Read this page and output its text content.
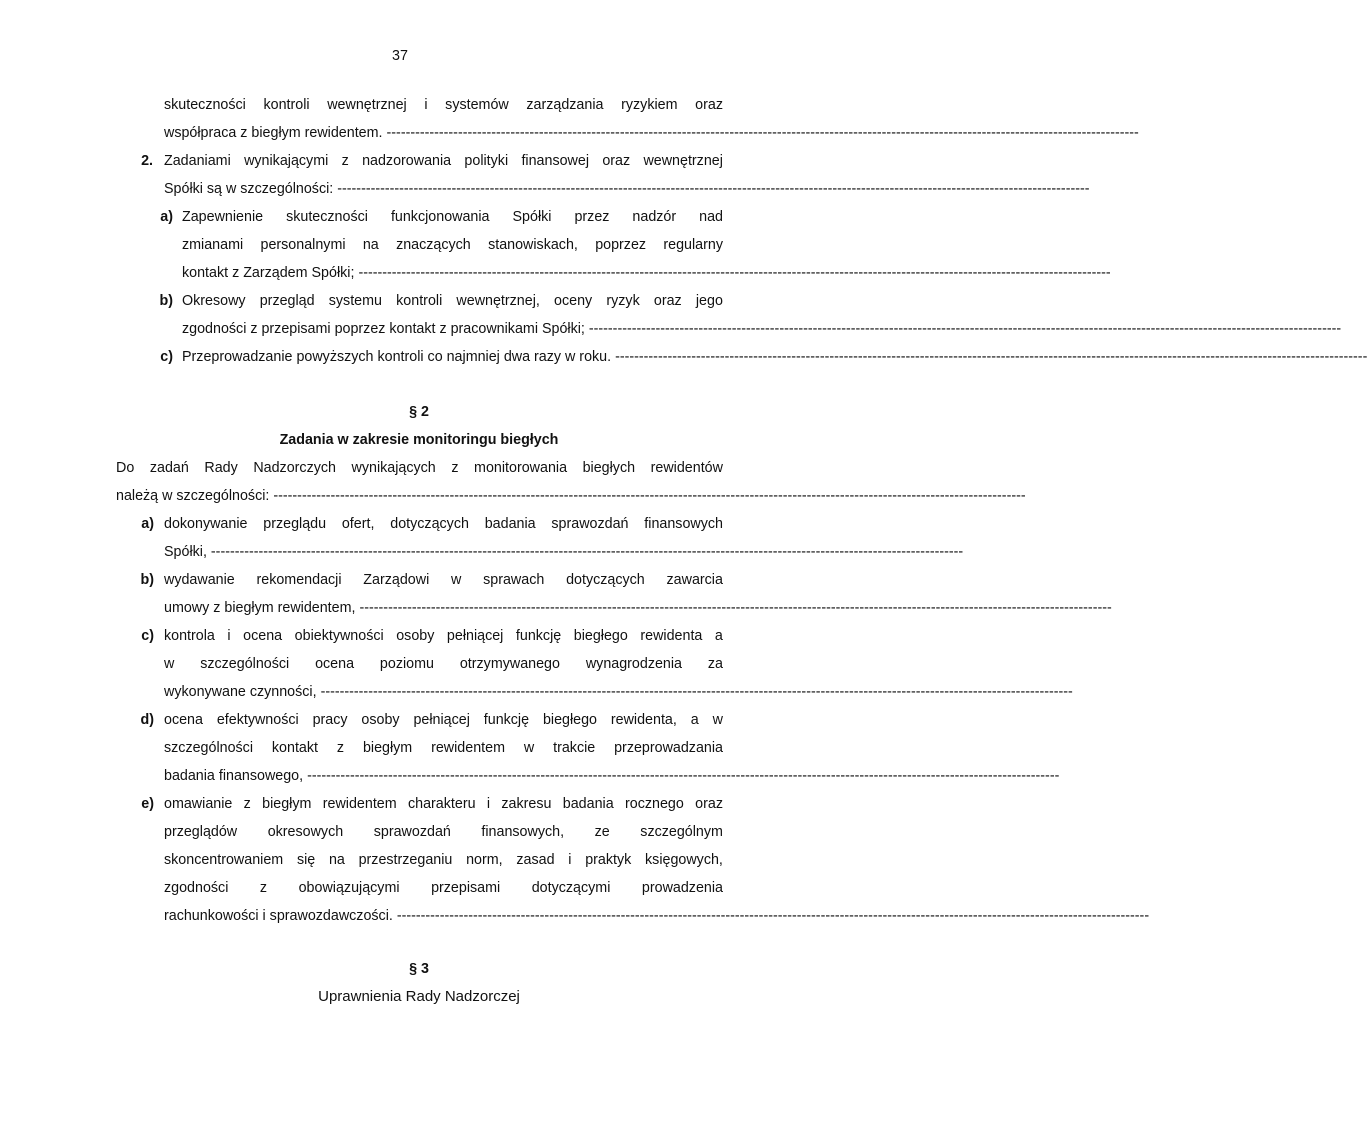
37
skuteczności kontroli wewnętrznej i systemów zarządzania ryzykiem oraz
współpraca z biegłym rewidentem. --------------------------------------------------------------------------------------------------------------------------------------------------------------
2. Zadaniami wynikającymi z nadzorowania polityki finansowej oraz wewnętrznej
Spółki są w szczególności: --------------------------------------------------------------------------------------------------------------------------------------------------------------
a) Zapewnienie skuteczności funkcjonowania Spółki przez nadzór nad
zmianami personalnymi na znaczących stanowiskach, poprzez regularny
kontakt z Zarządem Spółki; --------------------------------------------------------------------------------------------------------------------------------------------------------------
b) Okresowy przegląd systemu kontroli wewnętrznej, oceny ryzyk oraz jego
zgodności z przepisami poprzez kontakt z pracownikami Spółki; --------------------------------------------------------------------------------------------------------------------------------------------------------------
c) Przeprowadzanie powyższych kontroli co najmniej dwa razy w roku. --------------------------------------------------------------------------------------------------------------------------------------------------------------
§ 2
Zadania w zakresie monitoringu biegłych
Do zadań Rady Nadzorczych wynikających z monitorowania biegłych rewidentów
należą w szczególności: --------------------------------------------------------------------------------------------------------------------------------------------------------------
a) dokonywanie przeglądu ofert, dotyczących badania sprawozdań finansowych
Spółki, --------------------------------------------------------------------------------------------------------------------------------------------------------------
b) wydawanie rekomendacji Zarządowi w sprawach dotyczących zawarcia
umowy z biegłym rewidentem, --------------------------------------------------------------------------------------------------------------------------------------------------------------
c) kontrola i ocena obiektywności osoby pełniącej funkcję biegłego rewidenta a
w szczególności ocena poziomu otrzymywanego wynagrodzenia za
wykonywane czynności, --------------------------------------------------------------------------------------------------------------------------------------------------------------
d) ocena efektywności pracy osoby pełniącej funkcję biegłego rewidenta, a w
szczególności kontakt z biegłym rewidentem w trakcie przeprowadzania
badania finansowego, --------------------------------------------------------------------------------------------------------------------------------------------------------------
e) omawianie z biegłym rewidentem charakteru i zakresu badania rocznego oraz
przeglądów okresowych sprawozdań finansowych, ze szczególnym
skoncentrowaniem się na przestrzeganiu norm, zasad i praktyk księgowych,
zgodności z obowiązującymi przepisami dotyczącymi prowadzenia
rachunkowości i sprawozdawczości. --------------------------------------------------------------------------------------------------------------------------------------------------------------
§ 3
Uprawnienia Rady Nadzorczej
